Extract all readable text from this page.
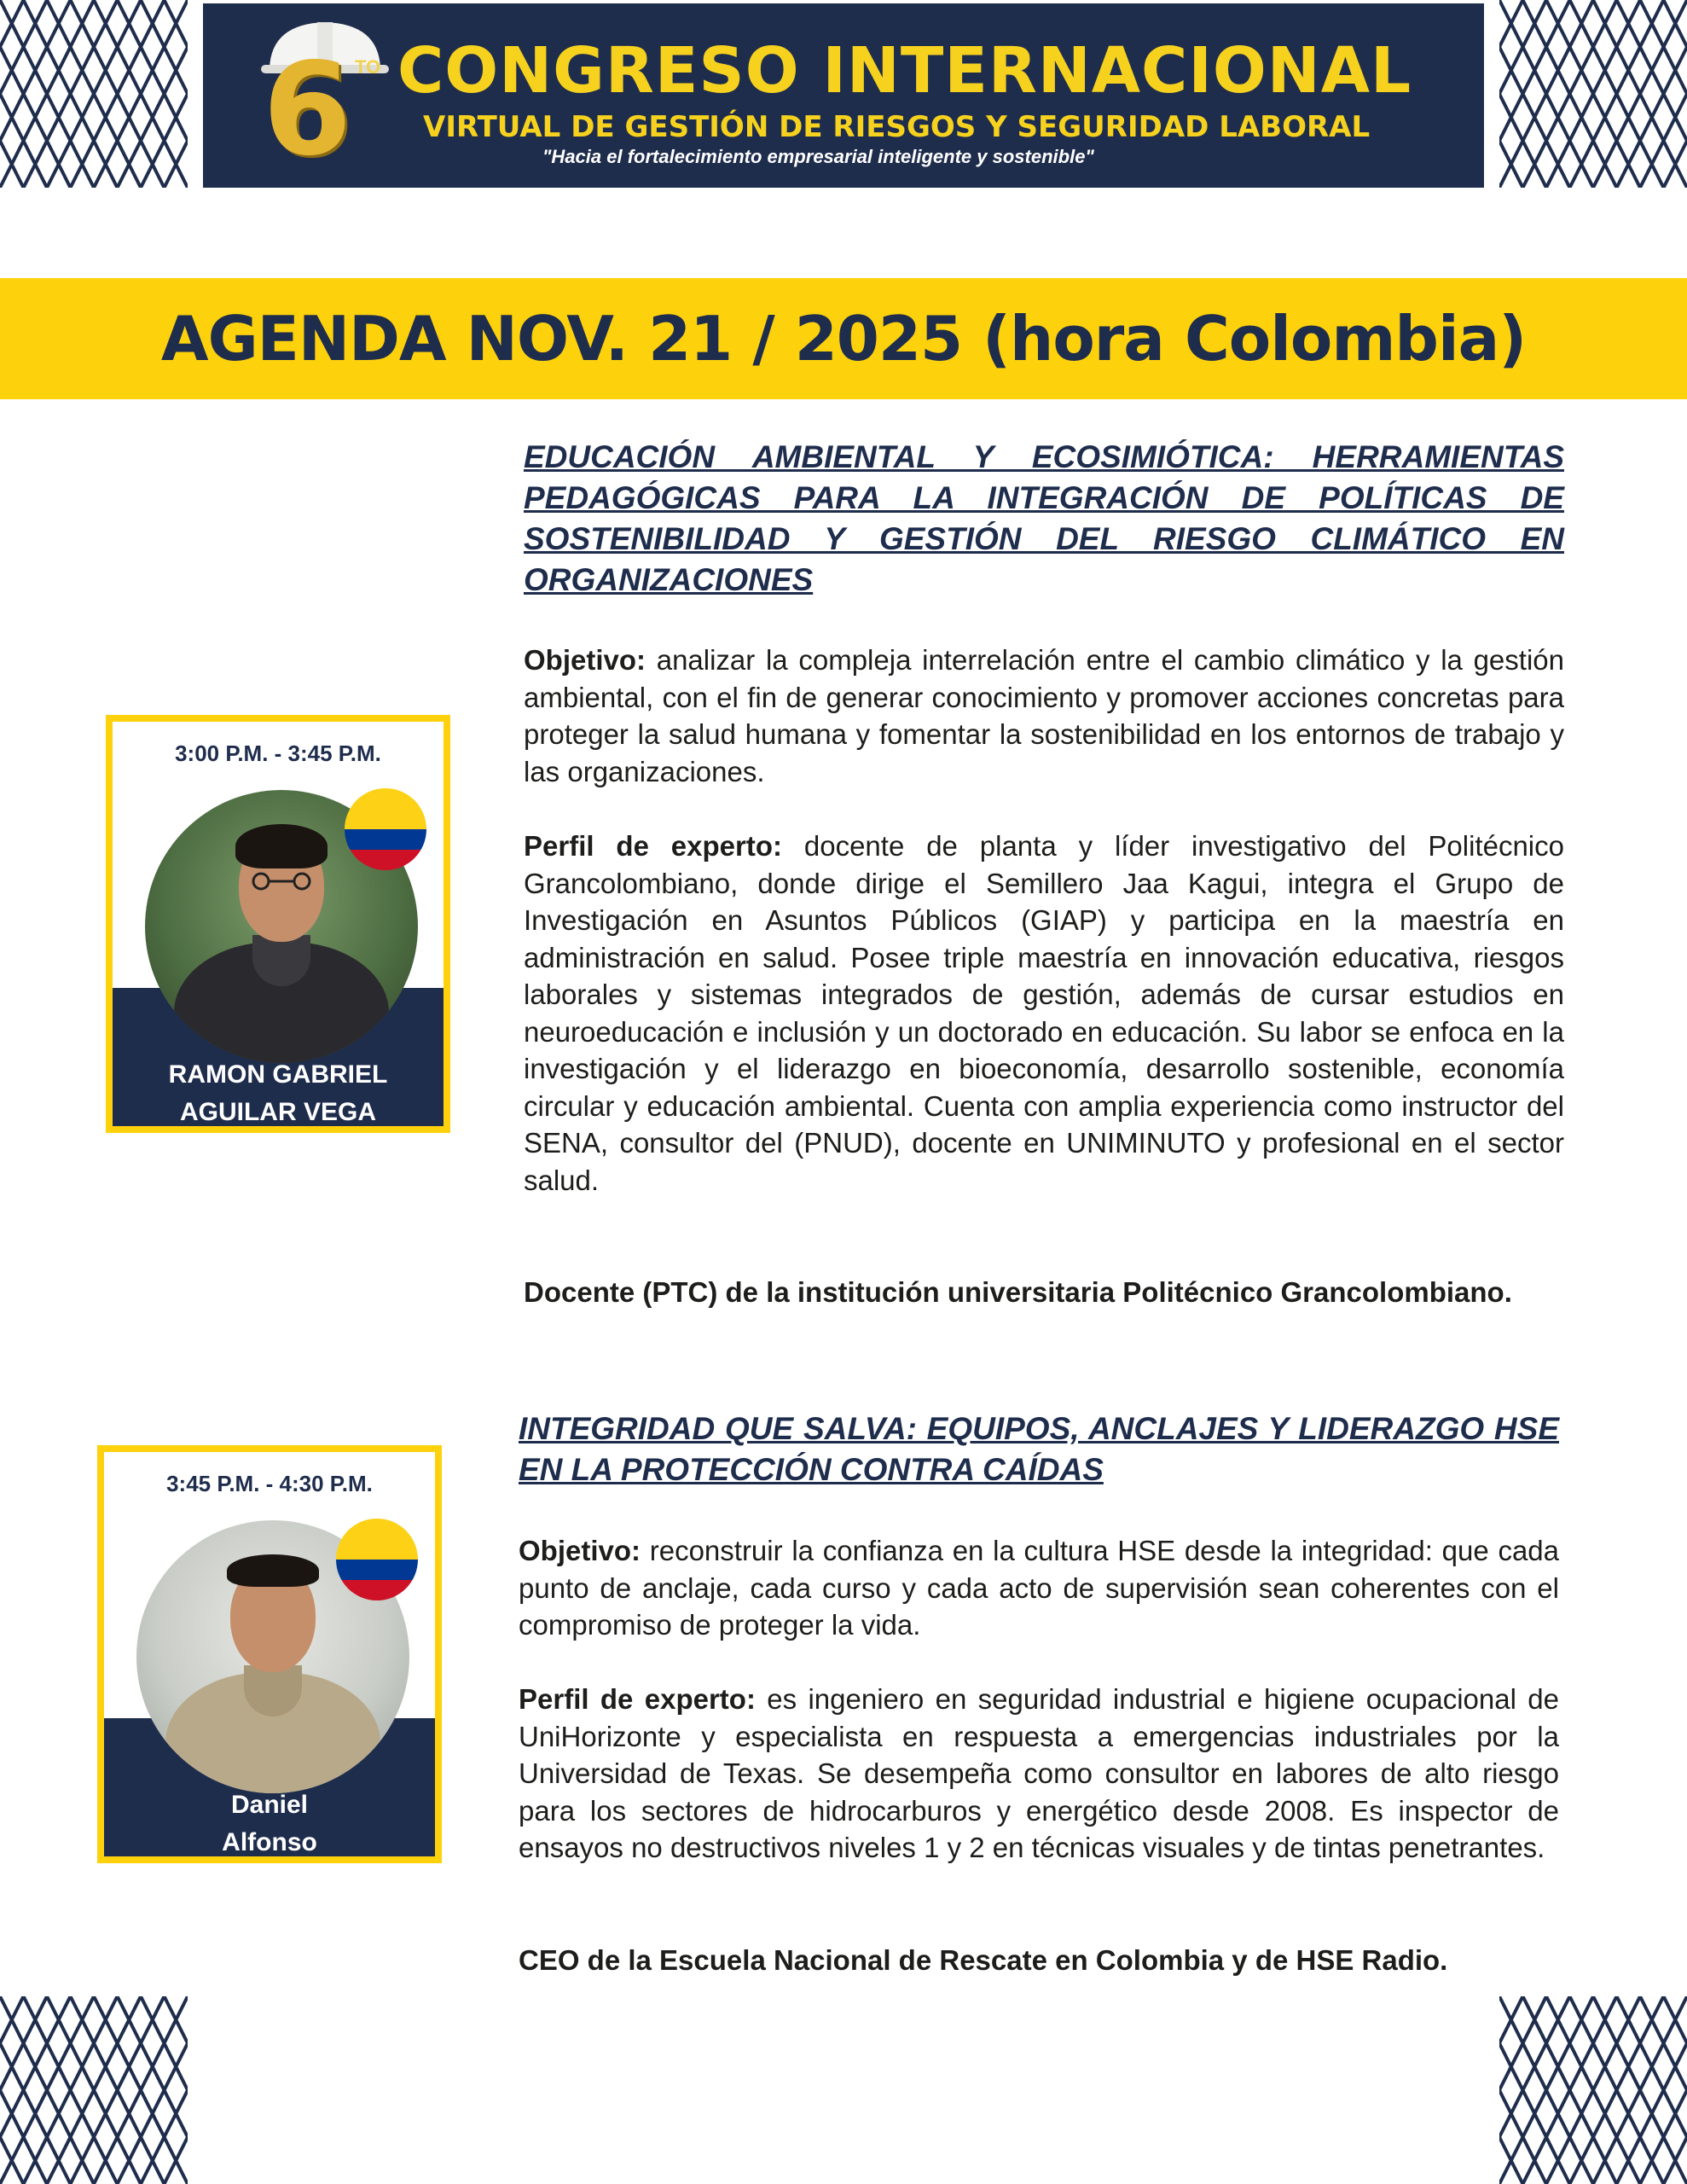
6 TO CONGRESO INTERNACIONAL
VIRTUAL DE GESTIÓN DE RIESGOS Y SEGURIDAD LABORAL
"Hacia el fortalecimiento empresarial inteligente y sostenible"
AGENDA NOV. 21 / 2025 (hora Colombia)
3:00 P.M. - 3:45 P.M.
RAMON GABRIEL
AGUILAR VEGA

EDUCACIÓN AMBIENTAL Y ECOSIMIÓTICA: HERRAMIENTAS PEDAGÓGICAS PARA LA INTEGRACIÓN DE POLÍTICAS DE SOSTENIBILIDAD Y GESTIÓN DEL RIESGO CLIMÁTICO EN ORGANIZACIONES

Objetivo: analizar la compleja interrelación entre el cambio climático y la gestión ambiental, con el fin de generar conocimiento y promover acciones concretas para proteger la salud humana y fomentar la sostenibilidad en los entornos de trabajo y las organizaciones.

Perfil de experto: docente de planta y líder investigativo del Politécnico Grancolombiano, donde dirige el Semillero Jaa Kagui, integra el Grupo de Investigación en Asuntos Públicos (GIAP) y participa en la maestría en administración en salud. Posee triple maestría en innovación educativa, riesgos laborales y sistemas integrados de gestión, además de cursar estudios en neuroeducación e inclusión y un doctorado en educación. Su labor se enfoca en la investigación y el liderazgo en bioeconomía, desarrollo sostenible, economía circular y educación ambiental. Cuenta con amplia experiencia como instructor del SENA, consultor del (PNUD), docente en UNIMINUTO y profesional en el sector salud.

Docente (PTC) de la institución universitaria Politécnico Grancolombiano.

3:45 P.M. - 4:30 P.M.
Daniel
Alfonso

INTEGRIDAD QUE SALVA: EQUIPOS, ANCLAJES Y LIDERAZGO HSE EN LA PROTECCIÓN CONTRA CAÍDAS

Objetivo: reconstruir la confianza en la cultura HSE desde la integridad: que cada punto de anclaje, cada curso y cada acto de supervisión sean coherentes con el compromiso de proteger la vida.

Perfil de experto: es ingeniero en seguridad industrial e higiene ocupacional de UniHorizonte y especialista en respuesta a emergencias industriales por la Universidad de Texas. Se desempeña como consultor en labores de alto riesgo para los sectores de hidrocarburos y energético desde 2008. Es inspector de ensayos no destructivos niveles 1 y 2 en técnicas visuales y de tintas penetrantes.

CEO de la Escuela Nacional de Rescate en Colombia y de HSE Radio.
